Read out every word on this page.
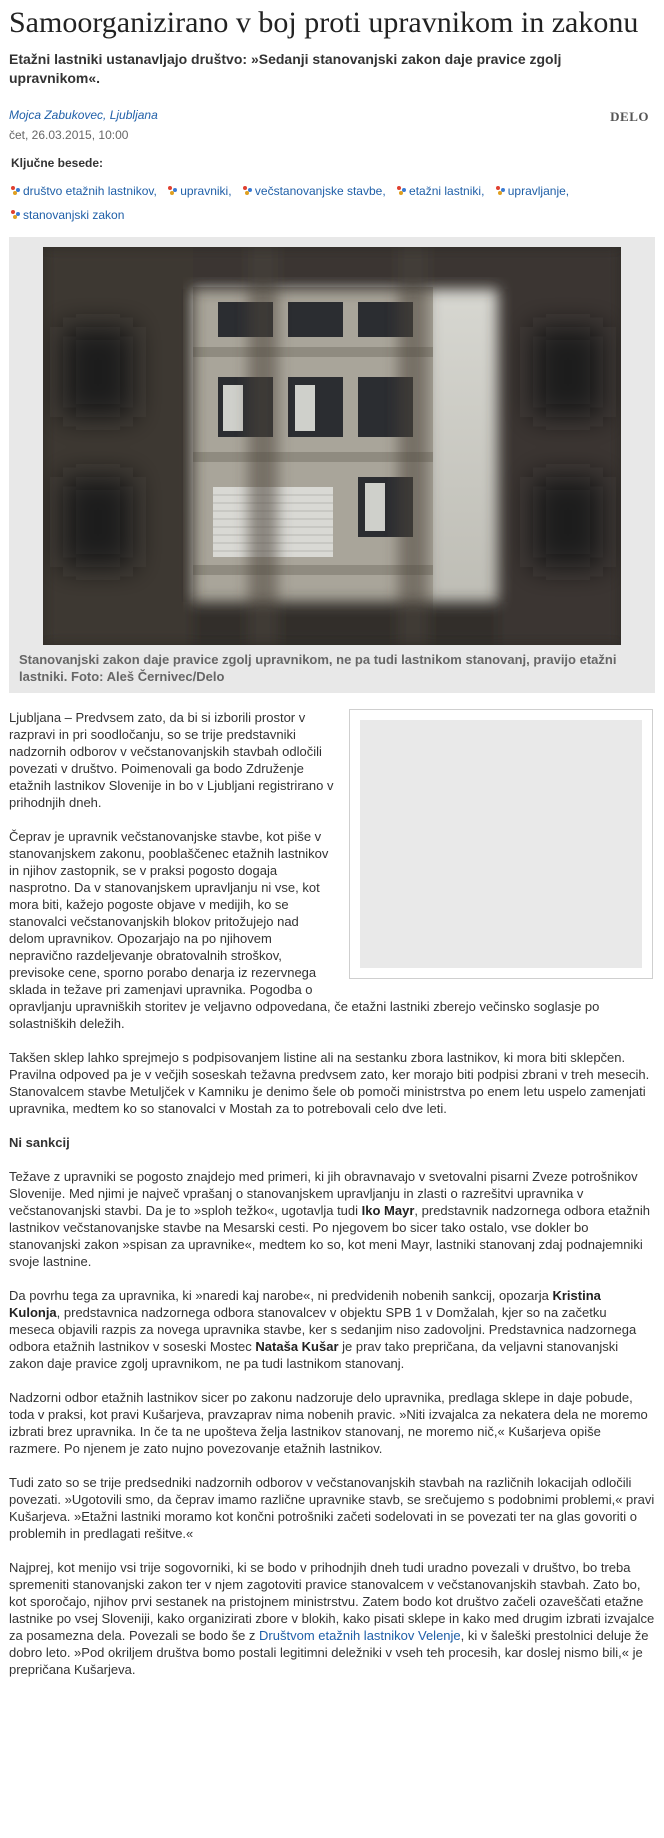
Samoorganizirano v boj proti upravnikom in zakonu
Etažni lastniki ustanavljajo društvo: »Sedanji stanovanjski zakon daje pravice zgolj upravnikom«.
Mojca Zabukovec, Ljubljana
čet, 26.03.2015, 10:00
DELO
Ključne besede:
društvo etažnih lastnikov, upravniki, večstanovanjske stavbe, etažni lastniki, upravljanje,

stanovanjski zakon
Stanovanjski zakon daje pravice zgolj upravnikom, ne pa tudi lastnikom stanovanj, pravijo etažni lastniki. Foto: Aleš Černivec/Delo

Ljubljana – Predvsem zato, da bi si izborili prostor v razpravi in pri soodločanju, so se trije predstavniki nadzornih odborov v večstanovanjskih stavbah odločili povezati v društvo. Poimenovali ga bodo Združenje etažnih lastnikov Slovenije in bo v Ljubljani registrirano v prihodnjih dneh.

Čeprav je upravnik večstanovanjske stavbe, kot piše v stanovanjskem zakonu, pooblaščenec etažnih lastnikov in njihov zastopnik, se v praksi pogosto dogaja nasprotno. Da v stanovanjskem upravljanju ni vse, kot mora biti, kažejo pogoste objave v medijih, ko se stanovalci večstanovanjskih blokov pritožujejo nad delom upravnikov. Opozarjajo na po njihovem nepravično razdeljevanje obratovalnih stroškov, previsoke cene, sporno porabo denarja iz rezervnega sklada in težave pri zamenjavi upravnika. Pogodba o opravljanju upravniških storitev je veljavno odpovedana, če etažni lastniki zberejo večinsko soglasje po solastniških deležih.

Takšen sklep lahko sprejmejo s podpisovanjem listine ali na sestanku zbora lastnikov, ki mora biti sklepčen. Pravilna odpoved pa je v večjih soseskah težavna predvsem zato, ker morajo biti podpisi zbrani v treh mesecih. Stanovalcem stavbe Metuljček v Kamniku je denimo šele ob pomoči ministrstva po enem letu uspelo zamenjati upravnika, medtem ko so stanovalci v Mostah za to potrebovali celo dve leti.

Ni sankcij

Težave z upravniki se pogosto znajdejo med primeri, ki jih obravnavajo v svetovalni pisarni Zveze potrošnikov Slovenije. Med njimi je največ vprašanj o stanovanjskem upravljanju in zlasti o razrešitvi upravnika v večstanovanjski stavbi. Da je to »sploh težko«, ugotavlja tudi Iko Mayr, predstavnik nadzornega odbora etažnih lastnikov večstanovanjske stavbe na Mesarski cesti. Po njegovem bo sicer tako ostalo, vse dokler bo stanovanjski zakon »spisan za upravnike«, medtem ko so, kot meni Mayr, lastniki stanovanj zdaj podnajemniki svoje lastnine.

Da povrhu tega za upravnika, ki »naredi kaj narobe«, ni predvidenih nobenih sankcij, opozarja Kristina Kulonja, predstavnica nadzornega odbora stanovalcev v objektu SPB 1 v Domžalah, kjer so na začetku meseca objavili razpis za novega upravnika stavbe, ker s sedanjim niso zadovoljni. Predstavnica nadzornega odbora etažnih lastnikov v soseski Mostec Nataša Kušar je prav tako prepričana, da veljavni stanovanjski zakon daje pravice zgolj upravnikom, ne pa tudi lastnikom stanovanj.

Nadzorni odbor etažnih lastnikov sicer po zakonu nadzoruje delo upravnika, predlaga sklepe in daje pobude, toda v praksi, kot pravi Kušarjeva, pravzaprav nima nobenih pravic. »Niti izvajalca za nekatera dela ne moremo izbrati brez upravnika. In če ta ne upošteva želja lastnikov stanovanj, ne moremo nič,« Kušarjeva opiše razmere. Po njenem je zato nujno povezovanje etažnih lastnikov.

Tudi zato so se trije predsedniki nadzornih odborov v večstanovanjskih stavbah na različnih lokacijah odločili povezati. »Ugotovili smo, da čeprav imamo različne upravnike stavb, se srečujemo s podobnimi problemi,« pravi Kušarjeva. »Etažni lastniki moramo kot končni potrošniki začeti sodelovati in se povezati ter na glas govoriti o problemih in predlagati rešitve.«

Najprej, kot menijo vsi trije sogovorniki, ki se bodo v prihodnjih dneh tudi uradno povezali v društvo, bo treba spremeniti stanovanjski zakon ter v njem zagotoviti pravice stanovalcem v večstanovanjskih stavbah. Zato bo, kot sporočajo, njihov prvi sestanek na pristojnem ministrstvu. Zatem bodo kot društvo začeli ozaveščati etažne lastnike po vsej Sloveniji, kako organizirati zbore v blokih, kako pisati sklepe in kako med drugim izbrati izvajalce za posamezna dela. Povezali se bodo še z Društvom etažnih lastnikov Velenje, ki v šaleški prestolnici deluje že dobro leto. »Pod okriljem društva bomo postali legitimni deležniki v vseh teh procesih, kar doslej nismo bili,« je prepričana Kušarjeva.
